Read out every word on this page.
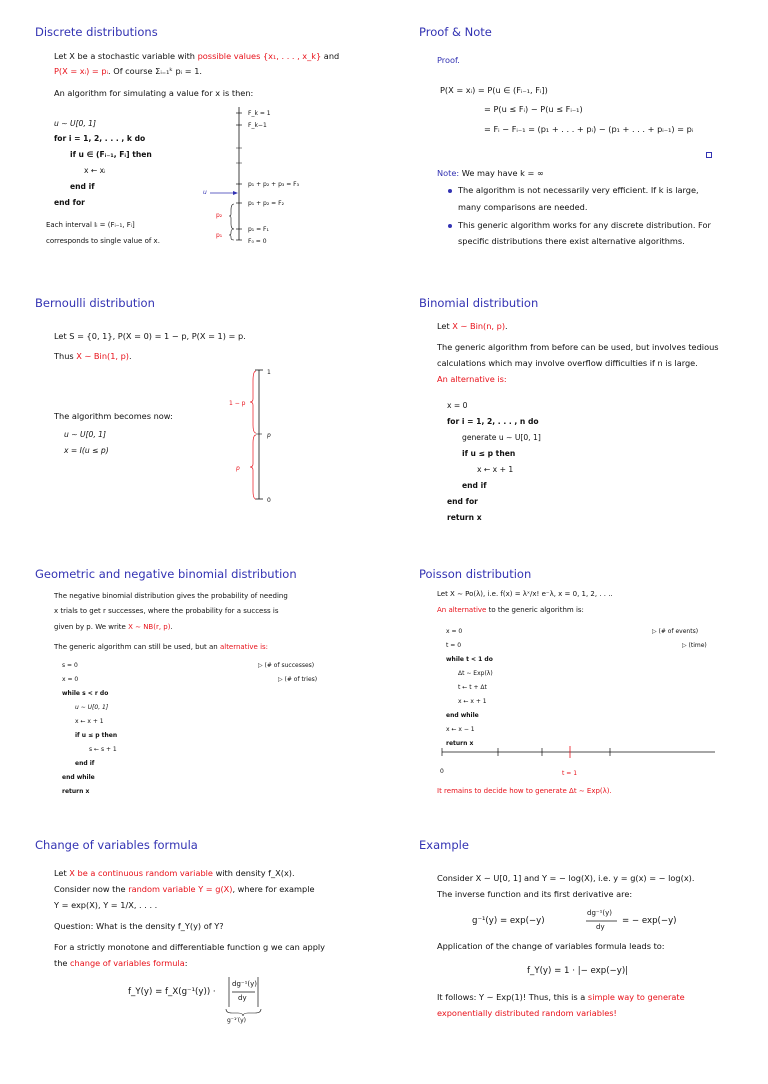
Discrete distributions
Let X be a stochastic variable with possible values {x₁, . . . , x_k} and
P(X = xᵢ) = pᵢ. Of course Σᵢ₌₁ᵏ pᵢ = 1.
An algorithm for simulating a value for x is then:
u ∼ U[0, 1]
for i = 1, 2, . . . , k do
if u ∈ (Fᵢ₋₁, Fᵢ] then
x ← xᵢ
end if
end for
Each interval Iᵢ = (Fᵢ₋₁, Fᵢ]
corresponds to single value of x.
F_k = 1
F_k−1
p₁ + p₂ + p₃ = F₃
p₁ + p₂ = F₂
p₁ = F₁
F₀ = 0
u
p₂
p₁
Proof & Note
Proof.
P(X = xᵢ) = P(u ∈ (Fᵢ₋₁, Fᵢ])
= P(u ≤ Fᵢ) − P(u ≤ Fᵢ₋₁)
= Fᵢ − Fᵢ₋₁ = (p₁ + . . . + pᵢ) − (p₁ + . . . + pᵢ₋₁) = pᵢ
Note: We may have k = ∞
The algorithm is not necessarily very efficient. If k is large,
many comparisons are needed.
This generic algorithm works for any discrete distribution. For
specific distributions there exist alternative algorithms.
Bernoulli distribution
Let S = {0, 1}, P(X = 0) = 1 − p, P(X = 1) = p.
Thus X ∼ Bin(1, p).
The algorithm becomes now:
u ∼ U[0, 1]
x = I(u ≤ p)
1
p
0
1 − p
p
Binomial distribution
Let X ∼ Bin(n, p).
The generic algorithm from before can be used, but involves tedious
calculations which may involve overflow difficulties if n is large.
An alternative is:
x = 0
for i = 1, 2, . . . , n do
generate u ∼ U[0, 1]
if u ≤ p then
x ← x + 1
end if
end for
return x
Geometric and negative binomial distribution
The negative binomial distribution gives the probability of needing
x trials to get r successes, where the probability for a success is
given by p. We write X ∼ NB(r, p).
The generic algorithm can still be used, but an alternative is:
s = 0
x = 0
while s < r do
u ∼ U[0, 1]
x ← x + 1
if u ≤ p then
s ← s + 1
end if
end while
return x
▷ (# of successes)
▷ (# of tries)
Poisson distribution
Let X ∼ Po(λ), i.e. f(x) = λˣ/x! e⁻λ, x = 0, 1, 2, . . ..
An alternative to the generic algorithm is:
x = 0
t = 0
while t < 1 do
Δt ∼ Exp(λ)
t ← t + Δt
x ← x + 1
end while
x ← x − 1
return x
▷ (# of events)
▷ (time)
0	t = 1
It remains to decide how to generate Δt ∼ Exp(λ).
Change of variables formula
Let X be a continuous random variable with density f_X(x).
Consider now the random variable Y = g(X), where for example
Y = exp(X), Y = 1/X, . . . .
Question: What is the density f_Y(y) of Y?
For a strictly monotone and differentiable function g we can apply
the change of variables formula:
f_Y(y) = f_X(g⁻¹(y)) ·
dg⁻¹(y)
dy
g⁻¹′(y)
Example
Consider X ∼ U[0, 1] and Y = − log(X), i.e. y = g(x) = − log(x).
The inverse function and its first derivative are:
g⁻¹(y) = exp(−y)
dg⁻¹(y)
dy
= − exp(−y)
Application of the change of variables formula leads to:
f_Y(y) = 1 · |− exp(−y)|
It follows: Y ∼ Exp(1)! Thus, this is a simple way to generate
exponentially distributed random variables!
